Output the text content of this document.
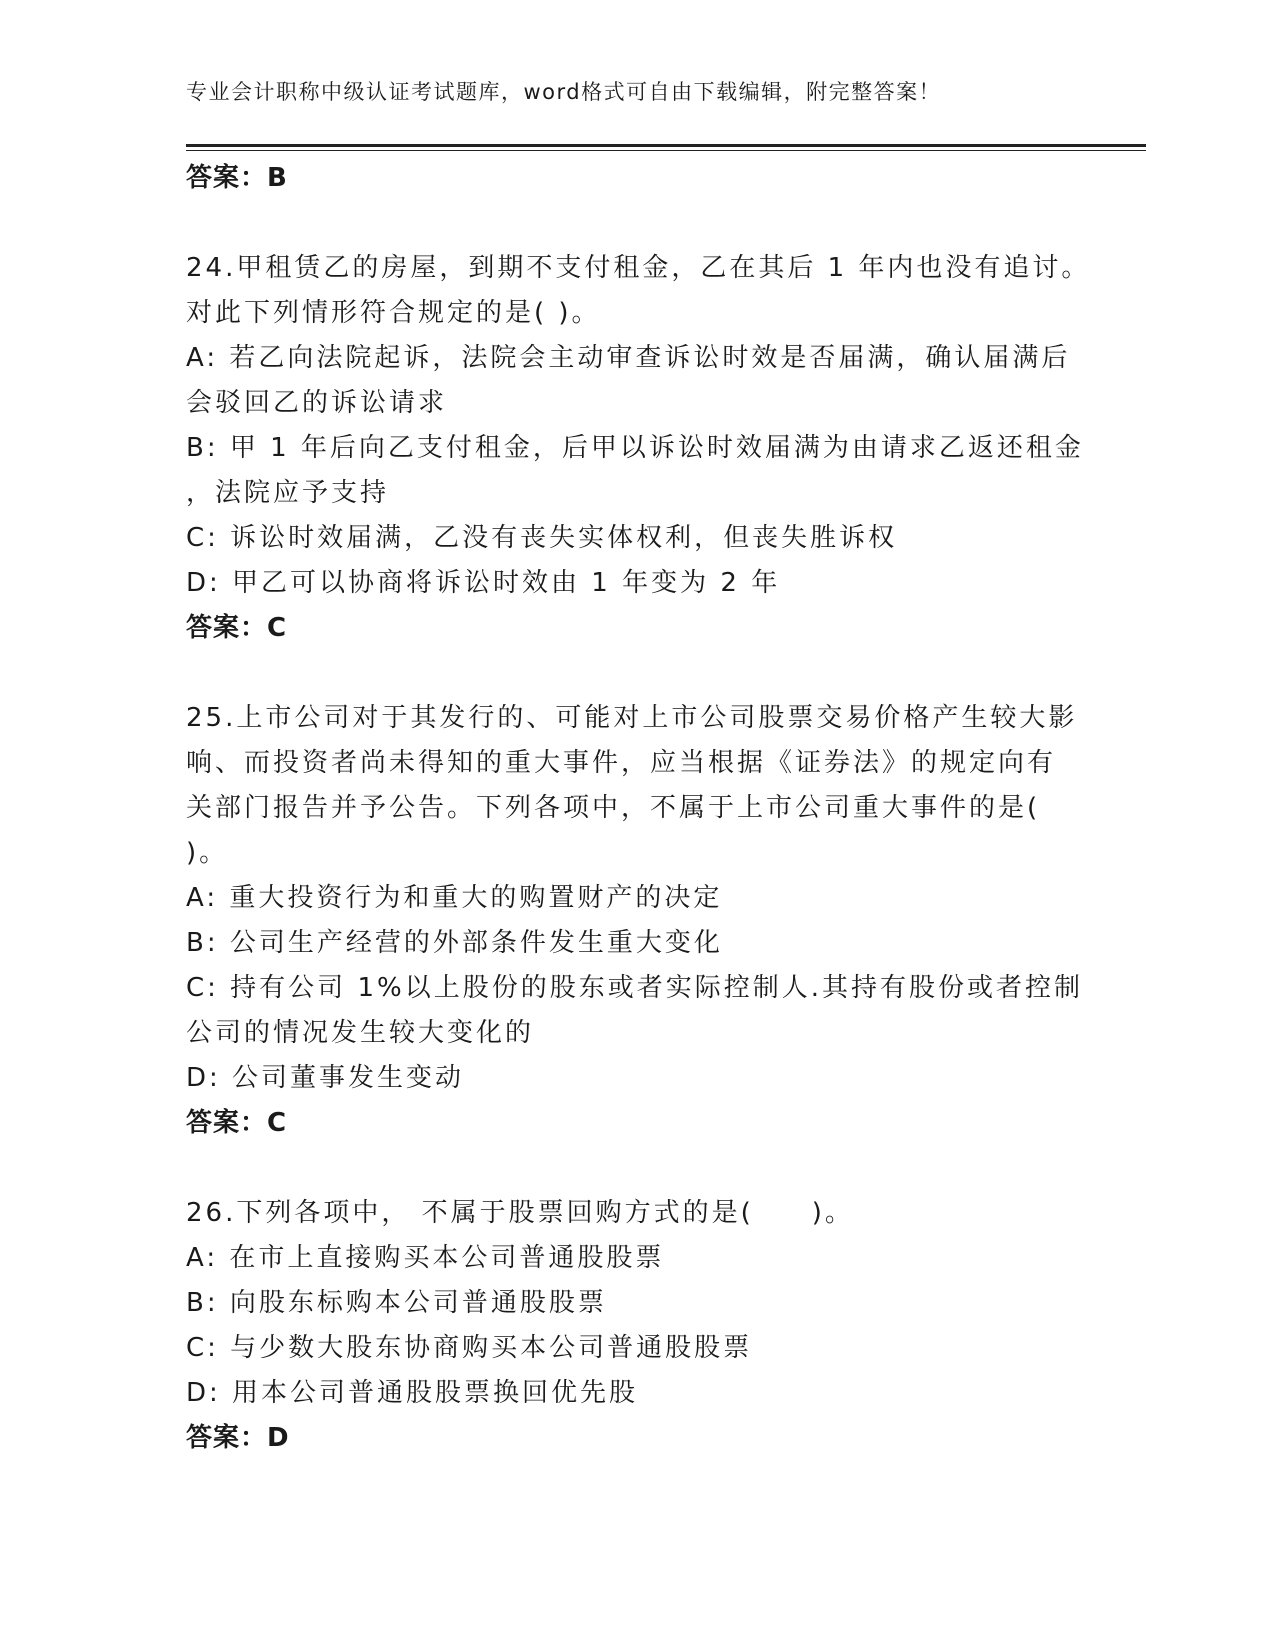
专业会计职称中级认证考试题库，word格式可自由下载编辑，附完整答案！
答案：B
24.甲租赁乙的房屋，到期不支付租金，乙在其后 1 年内也没有追讨。
对此下列情形符合规定的是( )。
A: 若乙向法院起诉，法院会主动审查诉讼时效是否届满，确认届满后
会驳回乙的诉讼请求
B: 甲 1 年后向乙支付租金，后甲以诉讼时效届满为由请求乙返还租金
，法院应予支持
C: 诉讼时效届满，乙没有丧失实体权利，但丧失胜诉权
D: 甲乙可以协商将诉讼时效由 1 年变为 2 年
答案：C
25.上市公司对于其发行的、可能对上市公司股票交易价格产生较大影
响、而投资者尚未得知的重大事件，应当根据《证券法》的规定向有
关部门报告并予公告。下列各项中，不属于上市公司重大事件的是(
)。
A: 重大投资行为和重大的购置财产的决定
B: 公司生产经营的外部条件发生重大变化
C: 持有公司 1%以上股份的股东或者实际控制人.其持有股份或者控制
公司的情况发生较大变化的
D: 公司董事发生变动
答案：C
26.下列各项中， 不属于股票回购方式的是(　　)。
A: 在市上直接购买本公司普通股股票
B: 向股东标购本公司普通股股票
C: 与少数大股东协商购买本公司普通股股票
D: 用本公司普通股股票换回优先股
答案：D
